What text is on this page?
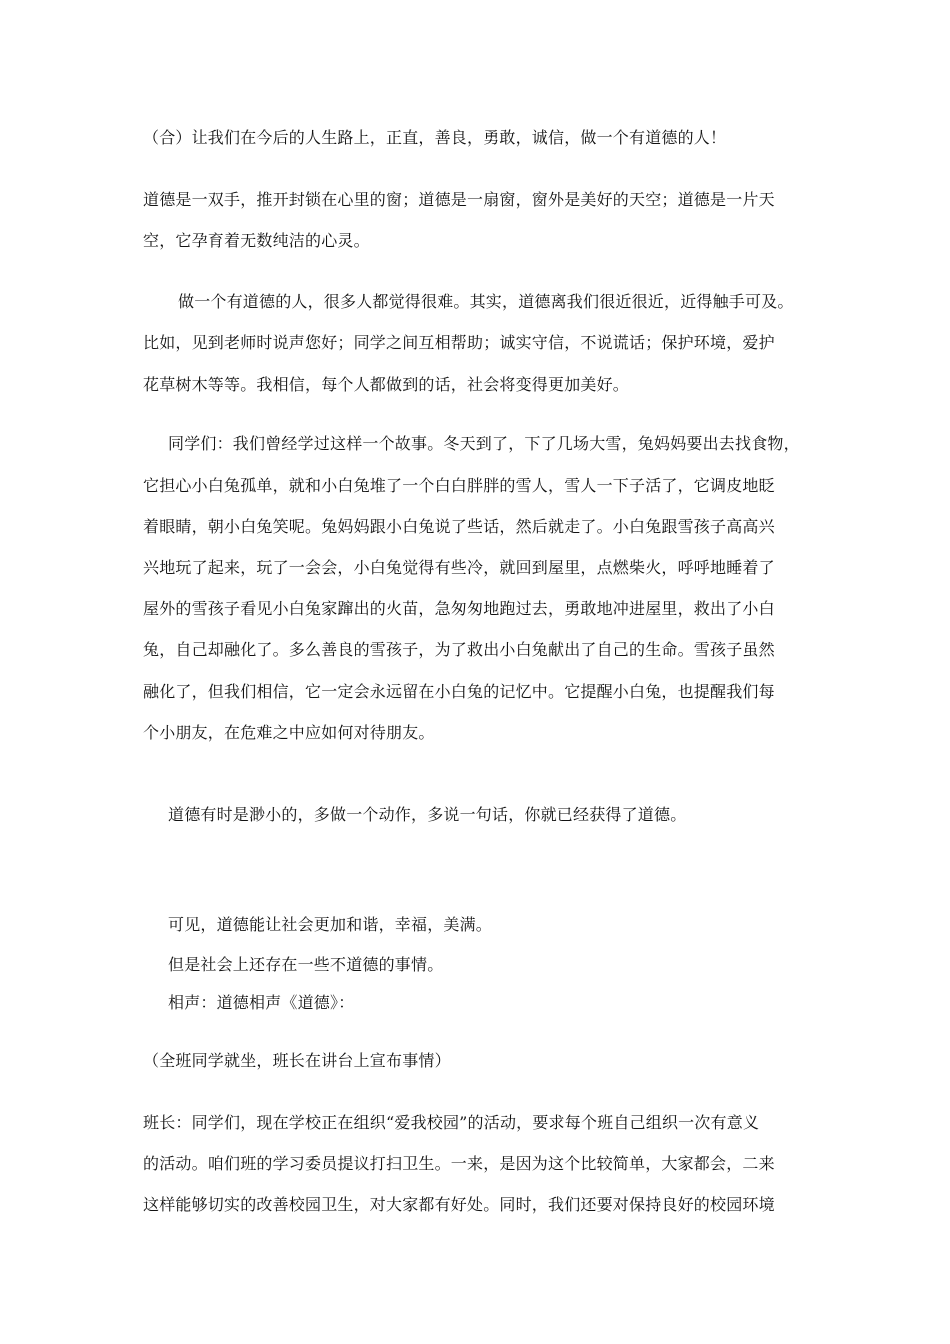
（合）让我们在今后的人生路上，正直，善良，勇敢，诚信，做一个有道德的人！
道德是一双手，推开封锁在心里的窗；道德是一扇窗，窗外是美好的天空；道德是一片天
空，它孕育着无数纯洁的心灵。
做一个有道德的人，很多人都觉得很难。其实，道德离我们很近很近，近得触手可及。
比如，见到老师时说声您好；同学之间互相帮助；诚实守信，不说谎话；保护环境，爱护
花草树木等等。我相信，每个人都做到的话，社会将变得更加美好。
同学们：我们曾经学过这样一个故事。冬天到了，下了几场大雪，兔妈妈要出去找食物，
它担心小白兔孤单，就和小白兔堆了一个白白胖胖的雪人，雪人一下子活了，它调皮地眨
着眼睛，朝小白兔笑呢。兔妈妈跟小白兔说了些话，然后就走了。小白兔跟雪孩子高高兴
兴地玩了起来，玩了一会会，小白兔觉得有些冷，就回到屋里，点燃柴火，呼呼地睡着了
屋外的雪孩子看见小白兔家蹿出的火苗，急匆匆地跑过去，勇敢地冲进屋里，救出了小白
兔，自己却融化了。多么善良的雪孩子，为了救出小白兔献出了自己的生命。雪孩子虽然
融化了，但我们相信，它一定会永远留在小白兔的记忆中。它提醒小白兔，也提醒我们每
个小朋友，在危难之中应如何对待朋友。
道德有时是渺小的，多做一个动作，多说一句话，你就已经获得了道德。
可见，道德能让社会更加和谐，幸福，美满。
但是社会上还存在一些不道德的事情。
相声：道德相声《道德》：
（全班同学就坐，班长在讲台上宣布事情）
班长：同学们，现在学校正在组织“爱我校园”的活动，要求每个班自己组织一次有意义
的活动。咱们班的学习委员提议打扫卫生。一来，是因为这个比较简单，大家都会，二来
这样能够切实的改善校园卫生，对大家都有好处。同时，我们还要对保持良好的校园环境
